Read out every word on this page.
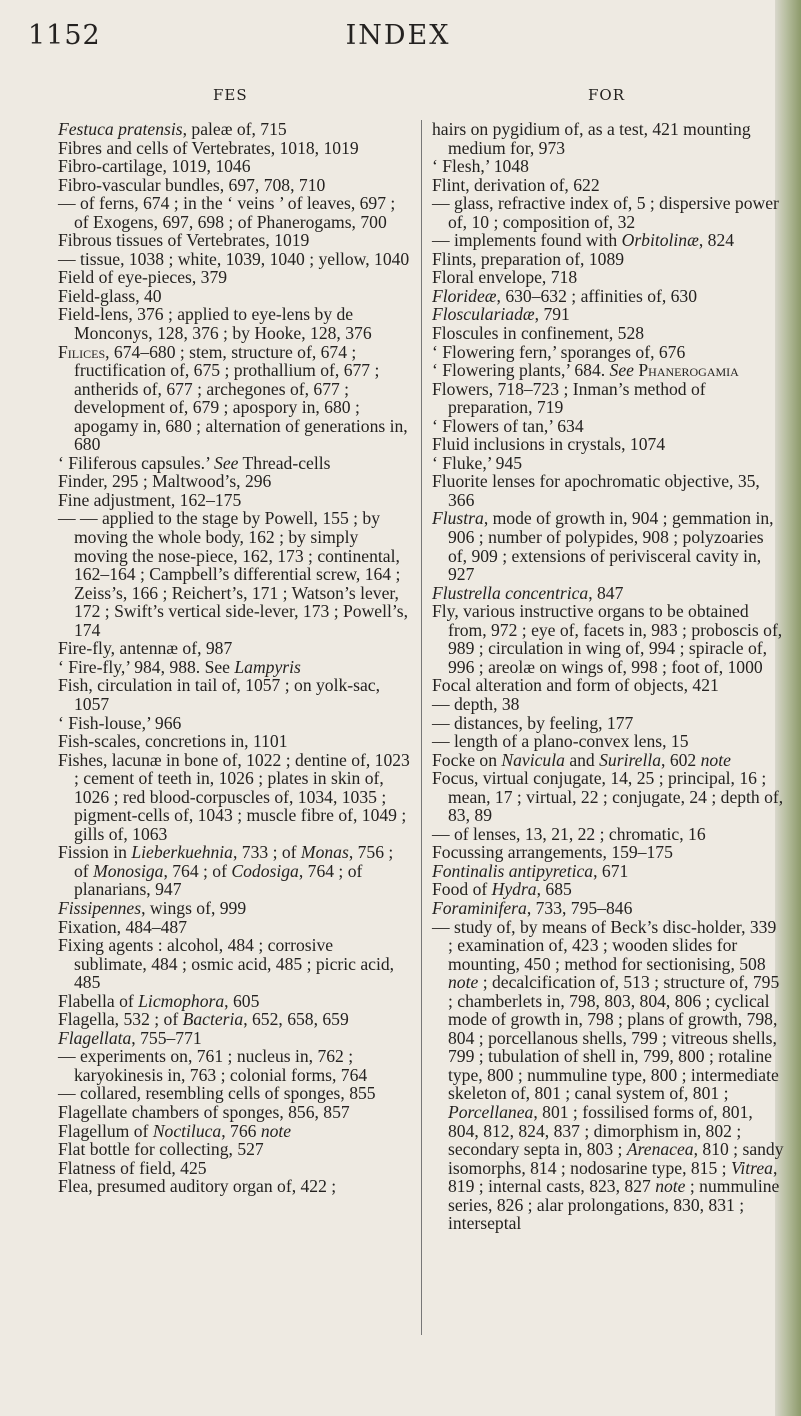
1152	INDEX
FES	FOR
Festuca pratensis, paleæ of, 715
Fibres and cells of Vertebrates, 1018, 1019
Fibro-cartilage, 1019, 1046
Fibro-vascular bundles, 697, 708, 710
— of ferns, 674 ; in the ‘ veins ’ of leaves, 697 ; of Exogens, 697, 698 ; of Phanerogams, 700
Fibrous tissues of Vertebrates, 1019
— tissue, 1038 ; white, 1039, 1040 ; yellow, 1040
Field of eye-pieces, 379
Field-glass, 40
Field-lens, 376 ; applied to eye-lens by de Monconys, 128, 376 ; by Hooke, 128, 376
Filices, 674–680 ; stem, structure of, 674 ; fructification of, 675 ; prothallium of, 677 ; antherids of, 677 ; archegones of, 677 ; development of, 679 ; apospory in, 680 ; apogamy in, 680 ; alternation of generations in, 680
‘ Filiferous capsules.’ See Thread-cells
Finder, 295 ; Maltwood’s, 296
Fine adjustment, 162–175
— — applied to the stage by Powell, 155 ; by moving the whole body, 162 ; by simply moving the nose-piece, 162, 173 ; continental, 162–164 ; Campbell’s differential screw, 164 ; Zeiss’s, 166 ; Reichert’s, 171 ; Watson’s lever, 172 ; Swift’s vertical side-lever, 173 ; Powell’s, 174
Fire-fly, antennæ of, 987
‘ Fire-fly,’ 984, 988. See Lampyris
Fish, circulation in tail of, 1057 ; on yolk-sac, 1057
‘ Fish-louse,’ 966
Fish-scales, concretions in, 1101
Fishes, lacunæ in bone of, 1022 ; dentine of, 1023 ; cement of teeth in, 1026 ; plates in skin of, 1026 ; red blood-corpuscles of, 1034, 1035 ; pigment-cells of, 1043 ; muscle fibre of, 1049 ; gills of, 1063
Fission in Lieberkuehnia, 733 ; of Monas, 756 ; of Monosiga, 764 ; of Codosiga, 764 ; of planarians, 947
Fissipennes, wings of, 999
Fixation, 484–487
Fixing agents : alcohol, 484 ; corrosive sublimate, 484 ; osmic acid, 485 ; picric acid, 485
Flabella of Licmophora, 605
Flagella, 532 ; of Bacteria, 652, 658, 659
Flagellata, 755–771
— experiments on, 761 ; nucleus in, 762 ; karyokinesis in, 763 ; colonial forms, 764
— collared, resembling cells of sponges, 855
Flagellate chambers of sponges, 856, 857
Flagellum of Noctiluca, 766 note
Flat bottle for collecting, 527
Flatness of field, 425
Flea, presumed auditory organ of, 422 ;
hairs on pygidium of, as a test, 421 mounting medium for, 973
‘ Flesh,’ 1048
Flint, derivation of, 622
— glass, refractive index of, 5 ; dispersive power of, 10 ; composition of, 32
— implements found with Orbitolinæ, 824
Flints, preparation of, 1089
Floral envelope, 718
Florideæ, 630–632 ; affinities of, 630
Flosculariadæ, 791
Floscules in confinement, 528
‘ Flowering fern,’ sporanges of, 676
‘ Flowering plants,’ 684. See Phanerogamia
Flowers, 718–723 ; Inman’s method of preparation, 719
‘ Flowers of tan,’ 634
Fluid inclusions in crystals, 1074
‘ Fluke,’ 945
Fluorite lenses for apochromatic objective, 35, 366
Flustra, mode of growth in, 904 ; gemmation in, 906 ; number of polypides, 908 ; polyzoaries of, 909 ; extensions of perivisceral cavity in, 927
Flustrella concentrica, 847
Fly, various instructive organs to be obtained from, 972 ; eye of, facets in, 983 ; proboscis of, 989 ; circulation in wing of, 994 ; spiracle of, 996 ; areolæ on wings of, 998 ; foot of, 1000
Focal alteration and form of objects, 421
— depth, 38
— distances, by feeling, 177
— length of a plano-convex lens, 15
Focke on Navicula and Surirella, 602 note
Focus, virtual conjugate, 14, 25 ; principal, 16 ; mean, 17 ; virtual, 22 ; conjugate, 24 ; depth of, 83, 89
— of lenses, 13, 21, 22 ; chromatic, 16
Focussing arrangements, 159–175
Fontinalis antipyretica, 671
Food of Hydra, 685
Foraminifera, 733, 795–846
— study of, by means of Beck’s disc-holder, 339 ; examination of, 423 ; wooden slides for mounting, 450 ; method for sectionising, 508 note ; decalcification of, 513 ; structure of, 795 ; chamberlets in, 798, 803, 804, 806 ; cyclical mode of growth in, 798 ; plans of growth, 798, 804 ; porcellanous shells, 799 ; vitreous shells, 799 ; tubulation of shell in, 799, 800 ; rotaline type, 800 ; nummuline type, 800 ; intermediate skeleton of, 801 ; canal system of, 801 ; Porcellanea, 801 ; fossilised forms of, 801, 804, 812, 824, 837 ; dimorphism in, 802 ; secondary septa in, 803 ; Arenacea, 810 ; sandy isomorphs, 814 ; nodosarine type, 815 ; Vitrea, 819 ; internal casts, 823, 827 note ; nummuline series, 826 ; alar prolongations, 830, 831 ; interseptal
